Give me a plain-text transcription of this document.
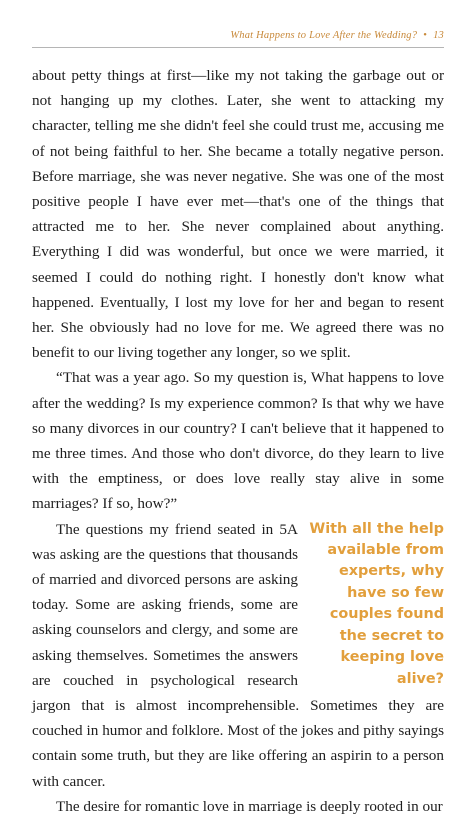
What Happens to Love After the Wedding? • 13

about petty things at first—like my not taking the garbage out or not hanging up my clothes. Later, she went to attacking my character, telling me she didn't feel she could trust me, accusing me of not being faithful to her. She became a totally negative person. Before marriage, she was never negative. She was one of the most positive people I have ever met—that's one of the things that attracted me to her. She never complained about anything. Everything I did was wonderful, but once we were married, it seemed I could do nothing right. I honestly don't know what happened. Eventually, I lost my love for her and began to resent her. She obviously had no love for me. We agreed there was no benefit to our living together any longer, so we split.

“That was a year ago. So my question is, What happens to love after the wedding? Is my experience common? Is that why we have so many divorces in our country? I can't believe that it happened to me three times. And those who don't divorce, do they learn to live with the emptiness, or does love really stay alive in some marriages? If so, how?”

With all the help available from experts, why have so few couples found the secret to keeping love alive?

The questions my friend seated in 5A was asking are the questions that thousands of married and divorced persons are asking today. Some are asking friends, some are asking counselors and clergy, and some are asking themselves. Sometimes the answers are couched in psychological research jargon that is almost incomprehensible. Sometimes they are couched in humor and folklore. Most of the jokes and pithy sayings contain some truth, but they are like offering an aspirin to a person with cancer.

The desire for romantic love in marriage is deeply rooted in our
